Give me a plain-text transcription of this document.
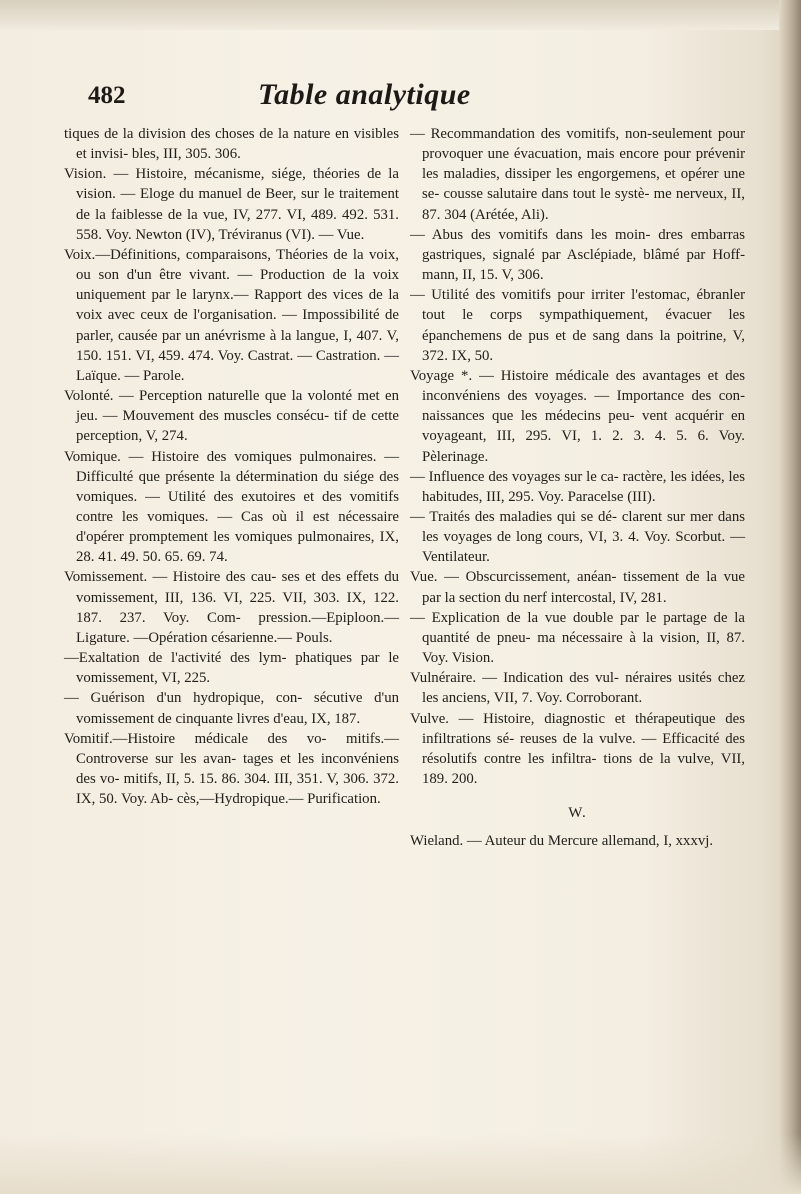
482	Table analytique

tiques de la division des choses de la nature en visibles et invisi- bles, III, 305. 306.

Vision. — Histoire, mécanisme, siége, théories de la vision. — Eloge du manuel de Beer, sur le traitement de la faiblesse de la vue, IV, 277. VI, 489. 492. 531. 558. Voy. Newton (IV), Tréviranus (VI). — Vue.

Voix.—Définitions, comparaisons, Théories de la voix, ou son d'un être vivant. — Production de la voix uniquement par le larynx.— Rapport des vices de la voix avec ceux de l'organisation. — Impossibilité de parler, causée par un anévrisme à la langue, I, 407. V, 150. 151. VI, 459. 474. Voy. Castrat. — Castration. — Laïque. — Parole.

Volonté. — Perception naturelle que la volonté met en jeu. — Mouvement des muscles consécu- tif de cette perception, V, 274.

Vomique. — Histoire des vomiques pulmonaires. — Difficulté que présente la détermination du siége des vomiques. — Utilité des exutoires et des vomitifs contre les vomiques. — Cas où il est nécessaire d'opérer promptement les vomiques pulmonaires, IX, 28. 41. 49. 50. 65. 69. 74.

Vomissement. — Histoire des cau- ses et des effets du vomissement, III, 136. VI, 225. VII, 303. IX, 122. 187. 237. Voy. Com- pression.—Epiploon.— Ligature. —Opération césarienne.— Pouls.

—Exaltation de l'activité des lym- phatiques par le vomissement, VI, 225.

— Guérison d'un hydropique, con- sécutive d'un vomissement de cinquante livres d'eau, IX, 187.

Vomitif.—Histoire médicale des vo- mitifs.—Controverse sur les avan- tages et les inconvéniens des vo- mitifs, II, 5. 15. 86. 304. III, 351. V, 306. 372. IX, 50. Voy. Ab- cès,—Hydropique.— Purification.

— Recommandation des vomitifs, non-seulement pour provoquer une évacuation, mais encore pour prévenir les maladies, dissiper les engorgemens, et opérer une se- cousse salutaire dans tout le systè- me nerveux, II, 87. 304 (Arétée, Ali).

— Abus des vomitifs dans les moin- dres embarras gastriques, signalé par Asclépiade, blâmé par Hoff- mann, II, 15. V, 306.

— Utilité des vomitifs pour irriter l'estomac, ébranler tout le corps sympathiquement, évacuer les épanchemens de pus et de sang dans la poitrine, V, 372. IX, 50.

Voyage *. — Histoire médicale des avantages et des inconvéniens des voyages. — Importance des con- naissances que les médecins peu- vent acquérir en voyageant, III, 295. VI, 1. 2. 3. 4. 5. 6. Voy. Pèlerinage.

— Influence des voyages sur le ca- ractère, les idées, les habitudes, III, 295. Voy. Paracelse (III).

— Traités des maladies qui se dé- clarent sur mer dans les voyages de long cours, VI, 3. 4. Voy. Scorbut. — Ventilateur.

Vue. — Obscurcissement, anéan- tissement de la vue par la section du nerf intercostal, IV, 281.

— Explication de la vue double par le partage de la quantité de pneu- ma nécessaire à la vision, II, 87. Voy. Vision.

Vulnéraire. — Indication des vul- néraires usités chez les anciens, VII, 7. Voy. Corroborant.

Vulve. — Histoire, diagnostic et thérapeutique des infiltrations sé- reuses de la vulve. — Efficacité des résolutifs contre les infiltra- tions de la vulve, VII, 189. 200.

W.

Wieland. — Auteur du Mercure allemand, I, xxxvj.
